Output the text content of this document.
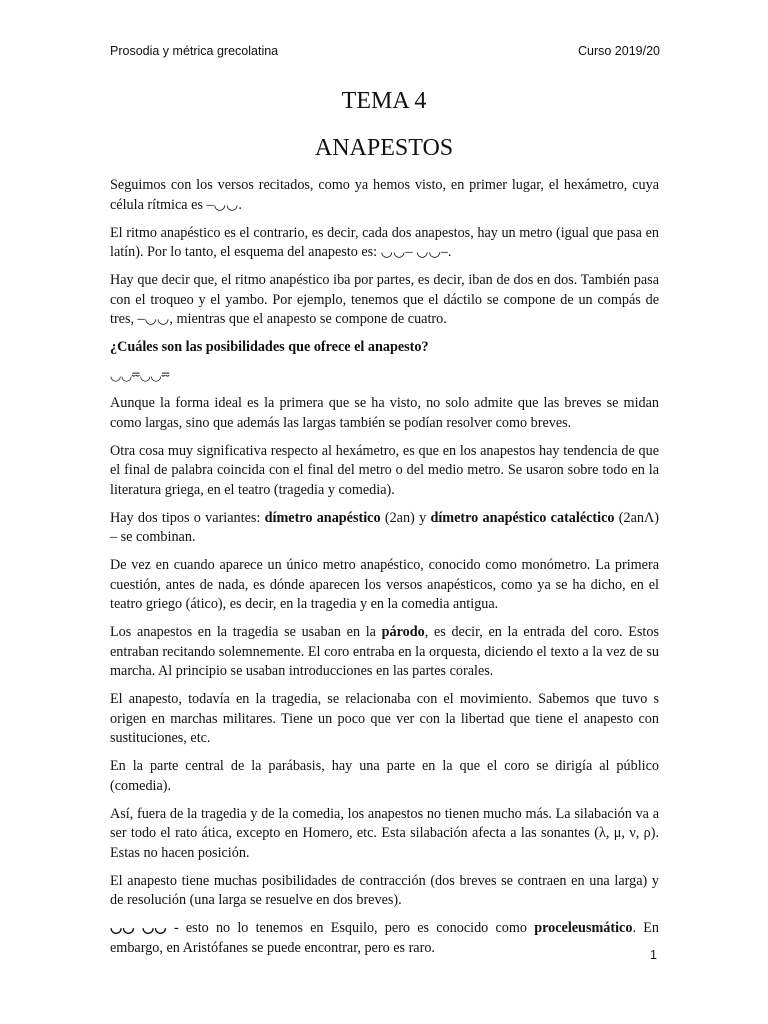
Prosodia y métrica grecolatina	Curso 2019/20
TEMA 4
ANAPESTOS

Seguimos con los versos recitados, como ya hemos visto, en primer lugar, el hexámetro, cuya célula rítmica es –◡◡.

El ritmo anapéstico es el contrario, es decir, cada dos anapestos, hay un metro (igual que pasa en latín). Por lo tanto, el esquema del anapesto es: ◡◡– ◡◡–.

Hay que decir que, el ritmo anapéstico iba por partes, es decir, iban de dos en dos. También pasa con el troqueo y el yambo. Por ejemplo, tenemos que el dáctilo se compone de un compás de tres, –◡◡, mientras que el anapesto se compone de cuatro.

¿Cuáles son las posibilidades que ofrece el anapesto?

◡◡⏔◡◡⏔

Aunque la forma ideal es la primera que se ha visto, no solo admite que las breves se midan como largas, sino que además las largas también se podían resolver como breves.

Otra cosa muy significativa respecto al hexámetro, es que en los anapestos hay tendencia de que el final de palabra coincida con el final del metro o del medio metro. Se usaron sobre todo en la literatura griega, en el teatro (tragedia y comedia).

Hay dos tipos o variantes: dímetro anapéstico (2an) y dímetro anapéstico cataléctico (2anΛ) – se combinan.

De vez en cuando aparece un único metro anapéstico, conocido como monómetro. La primera cuestión, antes de nada, es dónde aparecen los versos anapésticos, como ya se ha dicho, en el teatro griego (ático), es decir, en la tragedia y en la comedia antigua.

Los anapestos en la tragedia se usaban en la párodo, es decir, en la entrada del coro. Estos entraban recitando solemnemente. El coro entraba en la orquesta, diciendo el texto a la vez de su marcha. Al principio se usaban introducciones en las partes corales.

El anapesto, todavía en la tragedia, se relacionaba con el movimiento. Sabemos que tuvo s origen en marchas militares. Tiene un poco que ver con la libertad que tiene el anapesto con sustituciones, etc.

En la parte central de la parábasis, hay una parte en la que el coro se dirigía al público (comedia).

Así, fuera de la tragedia y de la comedia, los anapestos no tienen mucho más. La silabación va a ser todo el rato ática, excepto en Homero, etc. Esta silabación afecta a las sonantes (λ, μ, ν, ρ). Estas no hacen posición.

El anapesto tiene muchas posibilidades de contracción (dos breves se contraen en una larga) y de resolución (una larga se resuelve en dos breves).

◡◡ ◡◡ - esto no lo tenemos en Esquilo, pero es conocido como proceleusmático. En embargo, en Aristófanes se puede encontrar, pero es raro.	1
